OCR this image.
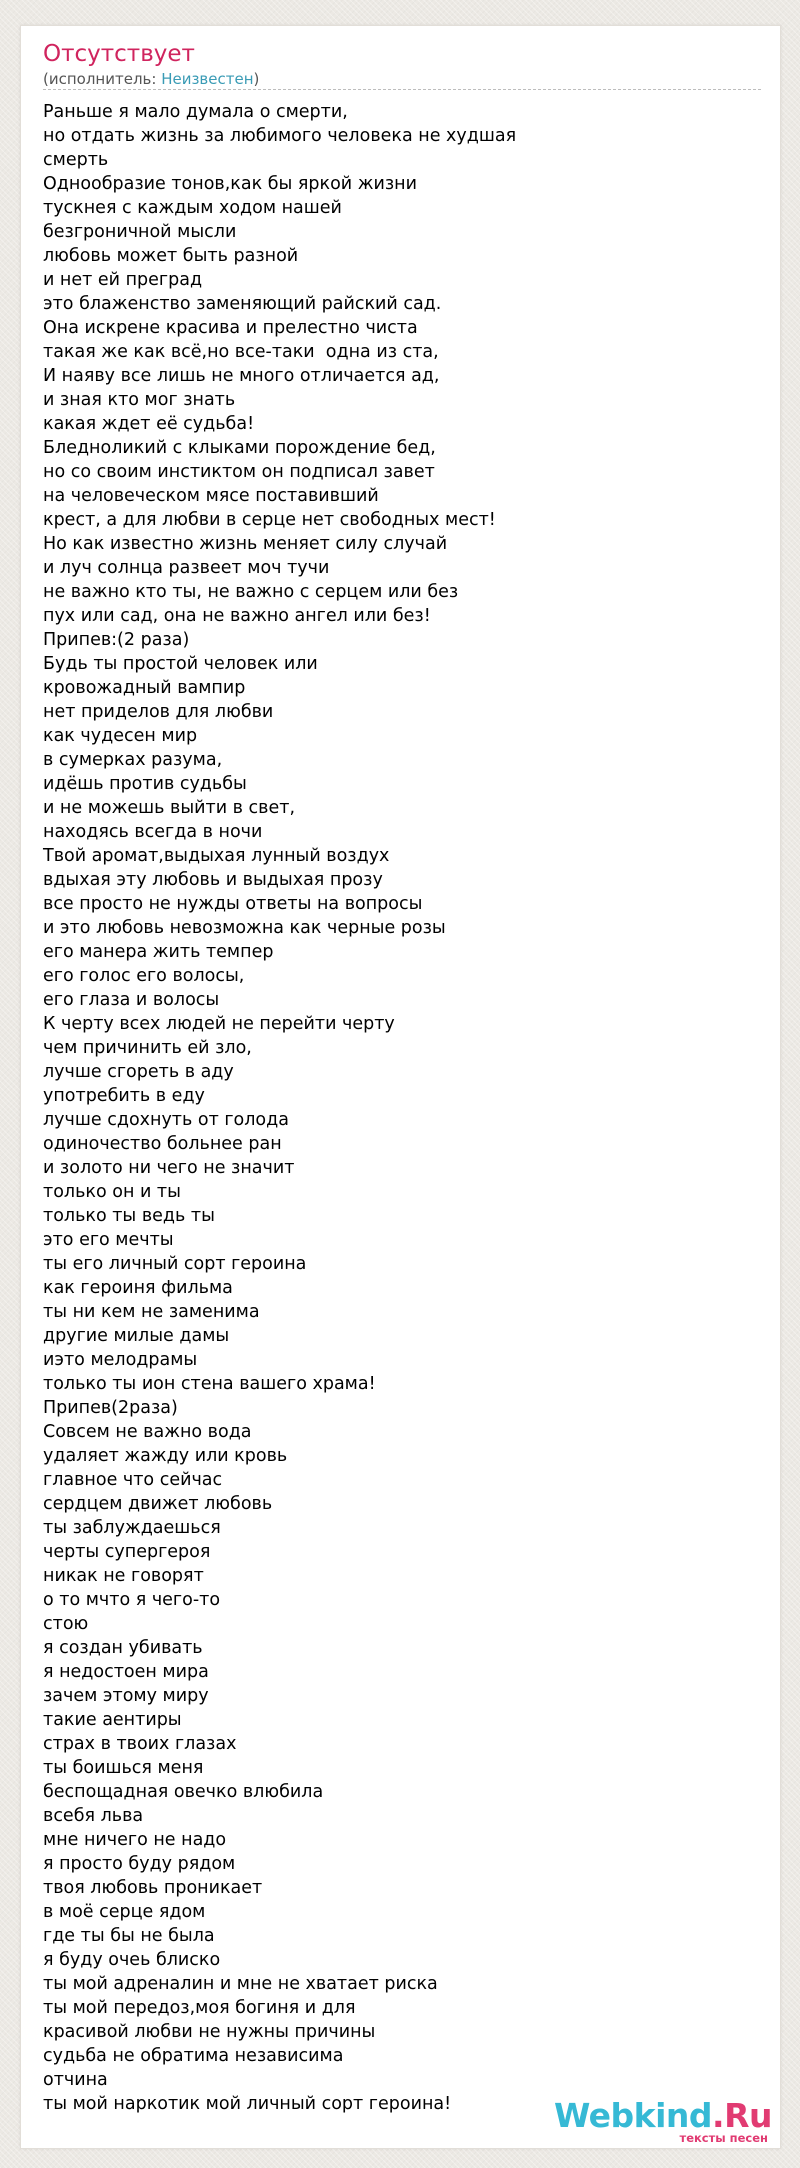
Отсутствует
(исполнитель: Неизвестен)
Раньше я мало думала о смерти,
но отдать жизнь за любимого человека не худшая
смерть
Однообразие тонов,как бы яркой жизни
тускнея с каждым ходом нашей
безгроничной мысли
любовь может быть разной
и нет ей преград
это блаженство заменяющий райский сад.
Она искрене красива и прелестно чиста
такая же как всё,но все-таки  одна из ста,
И наяву все лишь не много отличается ад,
и зная кто мог знать
какая ждет её судьба!
Бледноликий с клыками порождение бед,
но со своим инстиктом он подписал завет
на человеческом мясе поставивший
крест, а для любви в серце нет свободных мест!
Но как известно жизнь меняет силу случай
и луч солнца развеет моч тучи
не важно кто ты, не важно с серцем или без
пух или сад, она не важно ангел или без!
Припев:(2 раза)
Будь ты простой человек или
кровожадный вампир
нет приделов для любви
как чудесен мир
в сумерках разума,
идёшь против судьбы
и не можешь выйти в свет,
находясь всегда в ночи
Твой аромат,выдыхая лунный воздух
вдыхая эту любовь и выдыхая прозу
все просто не нужды ответы на вопросы
и это любовь невозможна как черные розы
его манера жить темпер
его голос его волосы,
его глаза и волосы
К черту всех людей не перейти черту
чем причинить ей зло,
лучше сгореть в аду
употребить в еду
лучше сдохнуть от голода
одиночество больнее ран
и золото ни чего не значит
только он и ты
только ты ведь ты
это его мечты
ты его личный сорт героина
как героиня фильма
ты ни кем не заменима
другие милые дамы
иэто мелодрамы
только ты ион стена вашего храма!
Припев(2раза)
Совсем не важно вода
удаляет жажду или кровь
главное что сейчас
сердцем движет любовь
ты заблуждаешься
черты супергероя
никак не говорят
о то мчто я чего-то
стою
я создан убивать
я недостоен мира
зачем этому миру
такие аентиры
страх в твоих глазах
ты боишься меня
беспощадная овечко влюбила
всебя льва
мне ничего не надо
я просто буду рядом
твоя любовь проникает
в моё серце ядом
где ты бы не была
я буду очеь блиско
ты мой адреналин и мне не хватает риска
ты мой передоз,моя богиня и для
красивой любви не нужны причины
судьба не обратима независима
отчина
ты мой наркотик мой личный сорт героина!	Webkind.Ru
тексты песен
